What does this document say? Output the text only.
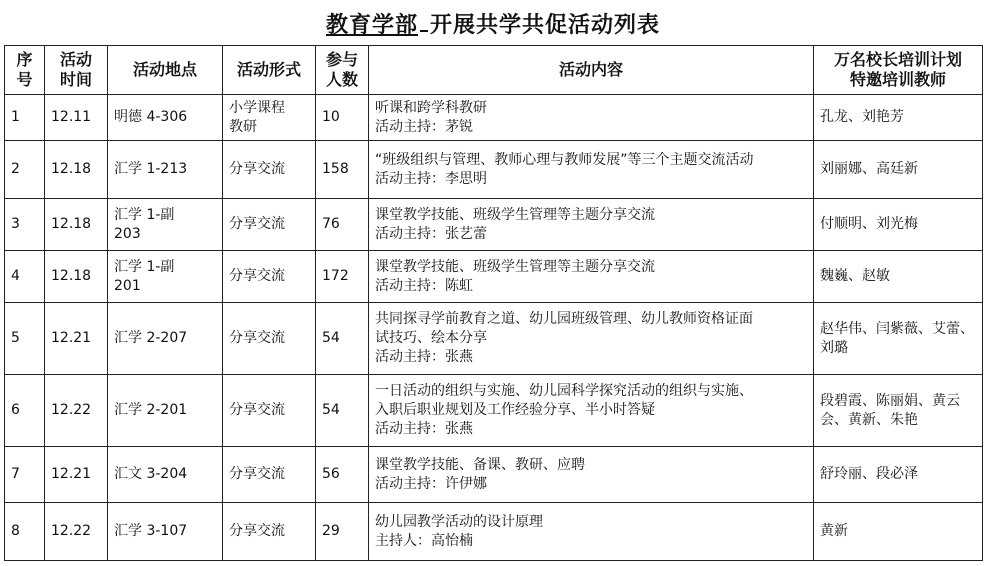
教育学部 开展共学共促活动列表
序
号	活动
时间	活动地点	活动形式	参与
人数	活动内容	万名校长培训计划
特邀培训教师

1	12.11	明德 4-306	小学课程
教研	10	听课和跨学科教研
活动主持：茅锐	孔龙、刘艳芳

2	12.18	汇学 1-213	分享交流	158	“班级组织与管理、教师心理与教师发展”等三个主题交流活动
活动主持：李思明	刘丽娜、高廷新

3	12.18	汇学 1-副
203	分享交流	76	课堂教学技能、班级学生管理等主题分享交流
活动主持：张艺蕾	付顺明、刘光梅

4	12.18	汇学 1-副
201	分享交流	172	课堂教学技能、班级学生管理等主题分享交流
活动主持：陈虹	魏巍、赵敏

5	12.21	汇学 2-207	分享交流	54	共同探寻学前教育之道、幼儿园班级管理、幼儿教师资格证面
试技巧、绘本分享
活动主持：张燕	赵华伟、闫紫薇、艾蕾、
刘璐

6	12.22	汇学 2-201	分享交流	54	一日活动的组织与实施、幼儿园科学探究活动的组织与实施、
入职后职业规划及工作经验分享、半小时答疑
活动主持：张燕	段碧霞、陈丽娟、黄云
会、黄新、朱艳

7	12.21	汇文 3-204	分享交流	56	课堂教学技能、备课、教研、应聘
活动主持：许伊娜	舒玲丽、段必泽

8	12.22	汇学 3-107	分享交流	29	幼儿园教学活动的设计原理
主持人：高怡楠	黄新
